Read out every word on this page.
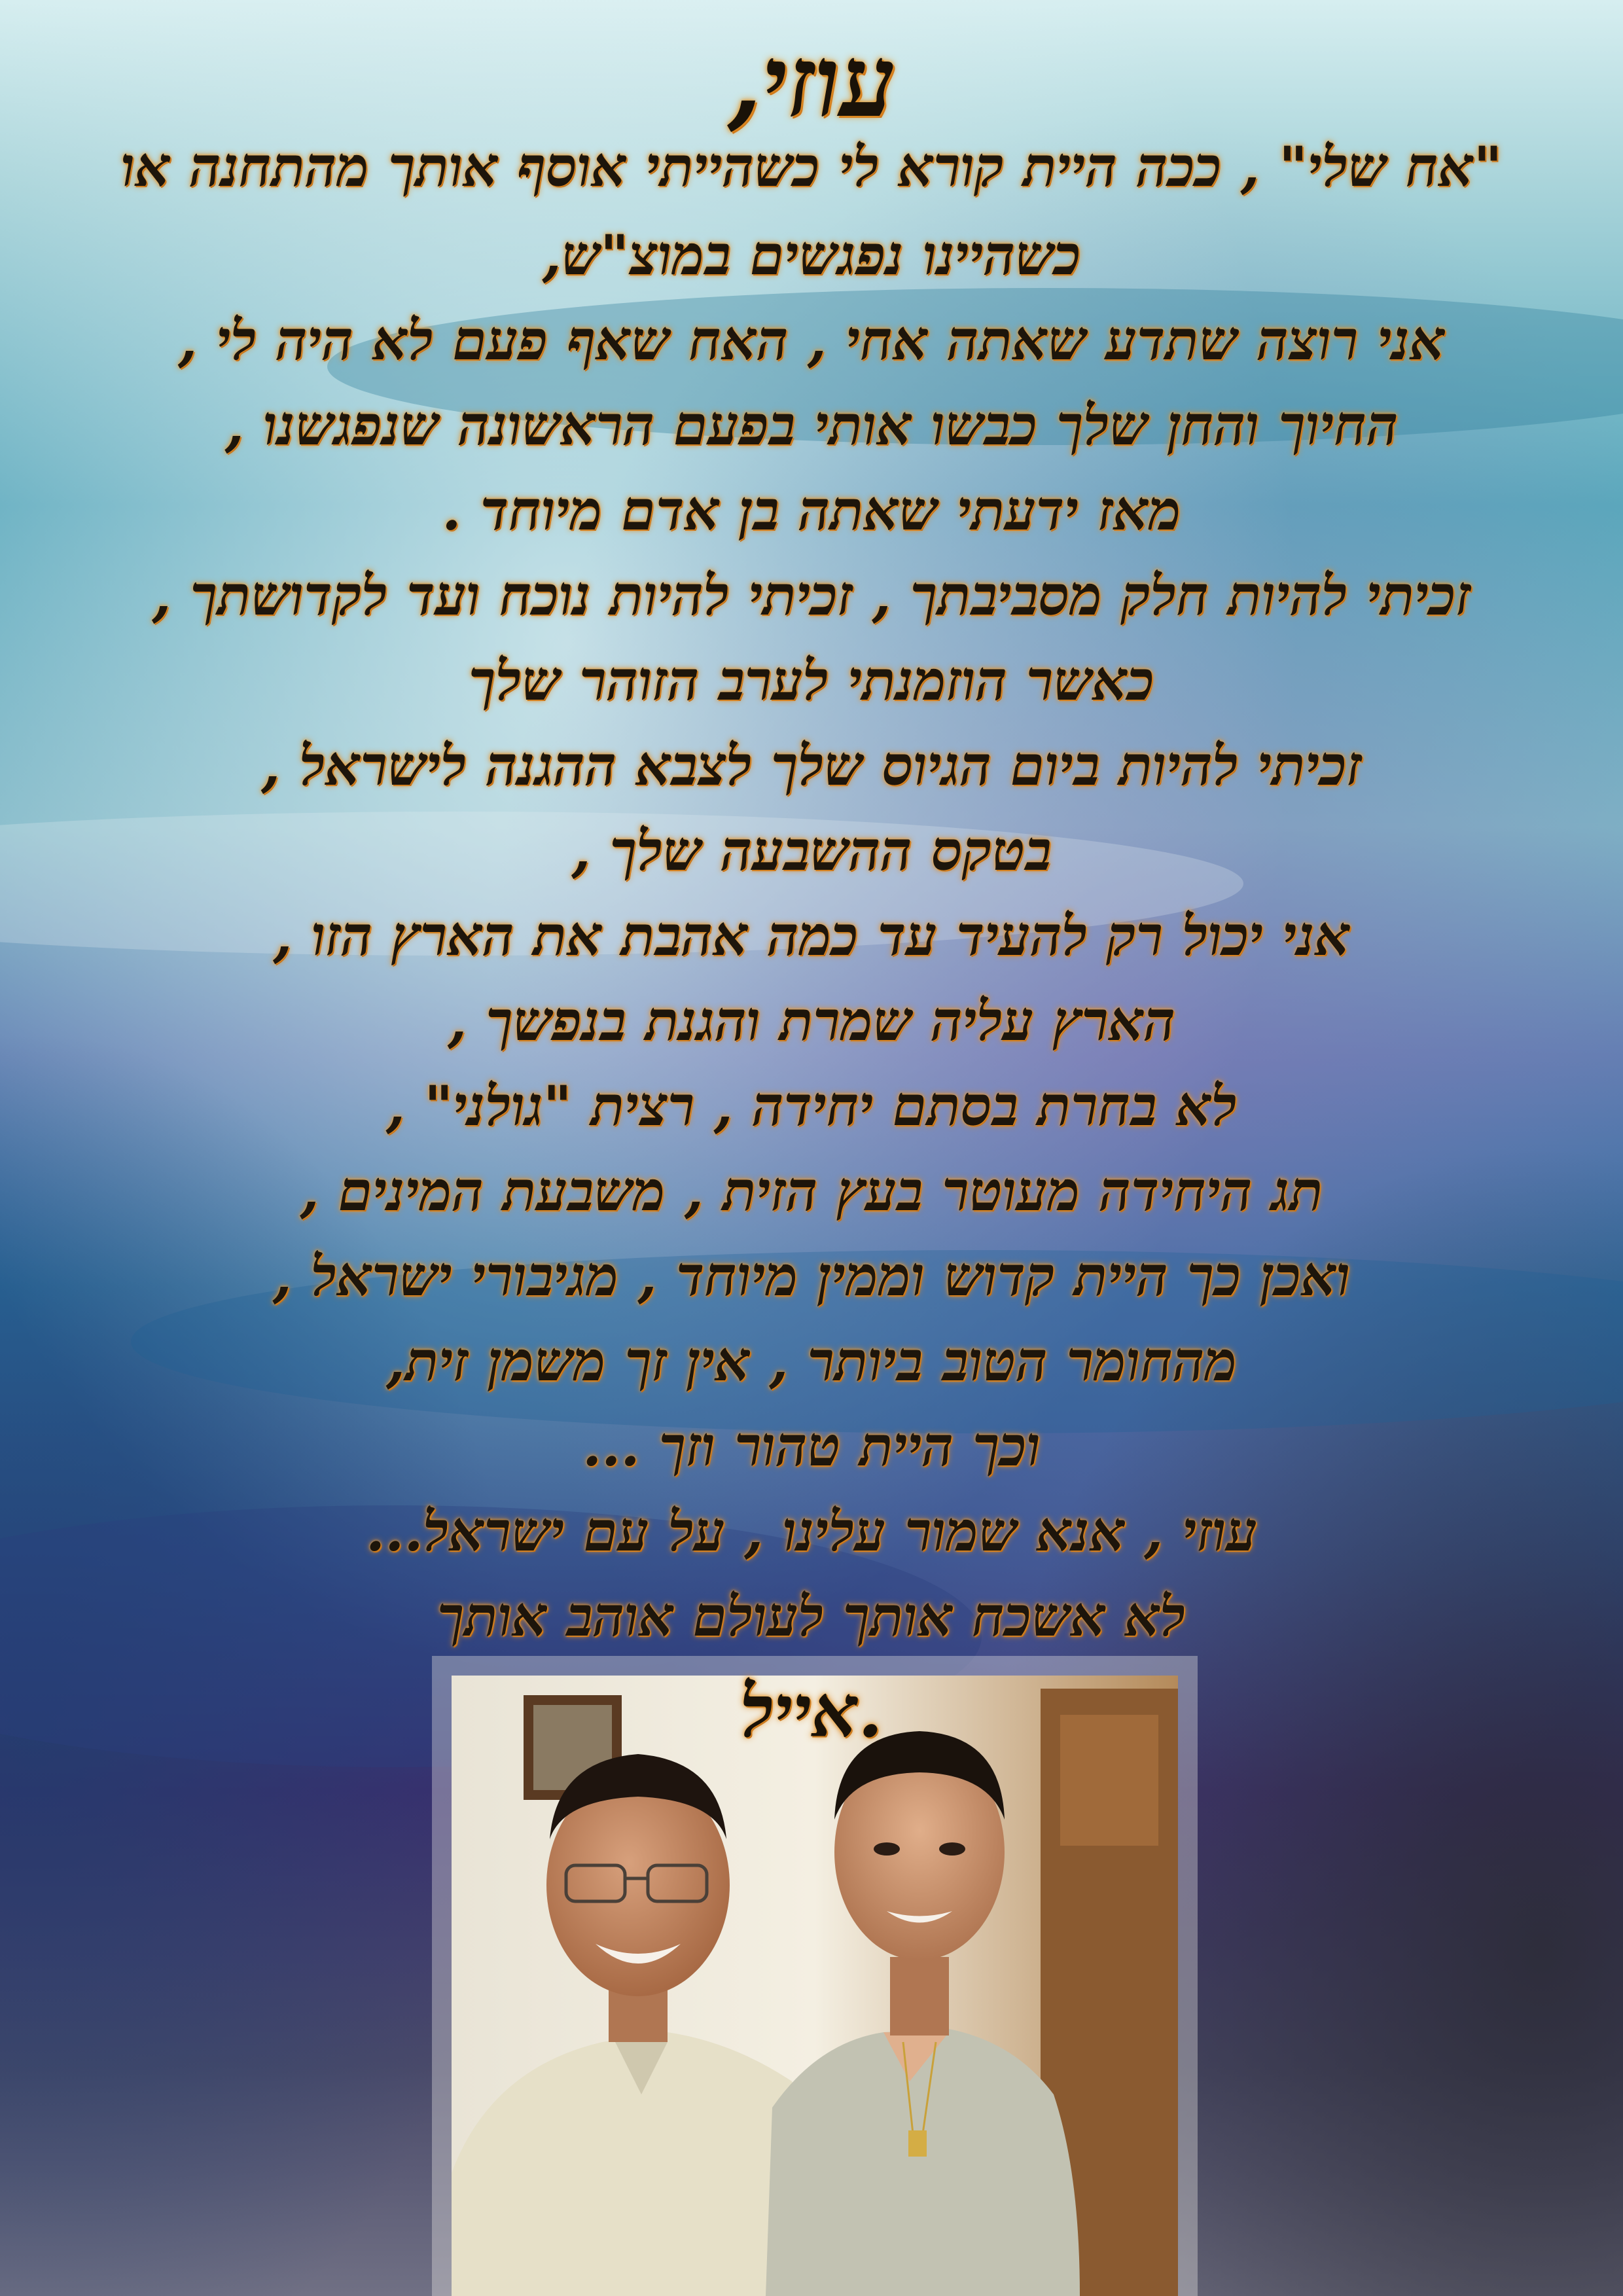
עוזי,
"אח שלי" , ככה היית קורא לי כשהייתי אוסף אותך מהתחנה או
כשהיינו נפגשים במוצ"ש,
אני רוצה שתדע שאתה אחי , האח שאף פעם לא היה לי ,
החיוך והחן שלך כבשו אותי בפעם הראשונה שנפגשנו ,
מאז ידעתי שאתה בן אדם מיוחד .
זכיתי להיות חלק מסביבתך , זכיתי להיות נוכח ועד לקדושתך ,
כאשר הוזמנתי לערב הזוהר שלך
זכיתי להיות ביום הגיוס שלך לצבא ההגנה לישראל ,
בטקס ההשבעה שלך ,
אני יכול רק להעיד עד כמה אהבת את הארץ הזו ,
הארץ עליה שמרת והגנת בנפשך ,
לא בחרת בסתם יחידה , רצית "גולני" ,
תג היחידה מעוטר בעץ הזית , משבעת המינים ,
ואכן כך היית קדוש וממין מיוחד , מגיבורי ישראל ,
מהחומר הטוב ביותר , אין זך משמן זית,
וכך היית טהור וזך ...
עוזי , אנא שמור עלינו , על עם ישראל...
לא אשכח אותך לעולם אוהב אותך
אייל.
